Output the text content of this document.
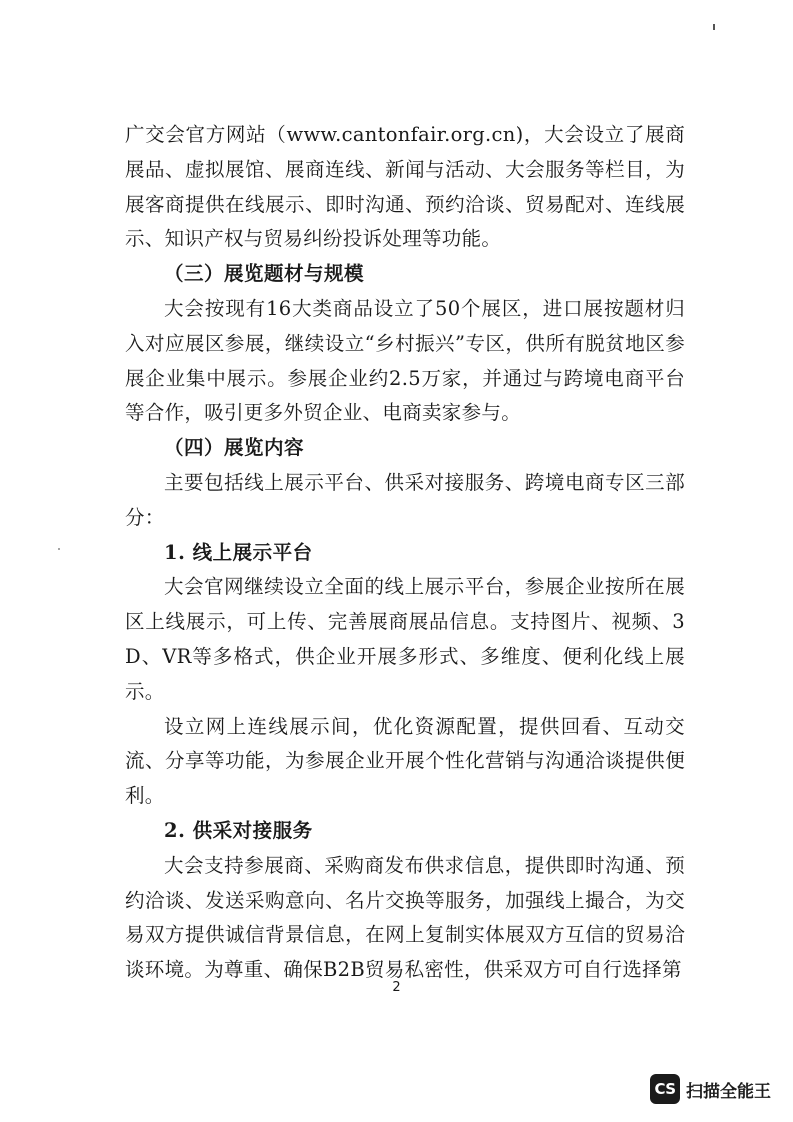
广交会官方网站（www.cantonfair.org.cn)，大会设立了展商展品、虚拟展馆、展商连线、新闻与活动、大会服务等栏目，为展客商提供在线展示、即时沟通、预约洽谈、贸易配对、连线展示、知识产权与贸易纠纷投诉处理等功能。

（三）展览题材与规模

大会按现有16大类商品设立了50个展区，进口展按题材归入对应展区参展，继续设立“乡村振兴”专区，供所有脱贫地区参展企业集中展示。参展企业约2.5万家，并通过与跨境电商平台等合作，吸引更多外贸企业、电商卖家参与。

（四）展览内容

主要包括线上展示平台、供采对接服务、跨境电商专区三部分：

1. 线上展示平台

大会官网继续设立全面的线上展示平台，参展企业按所在展区上线展示，可上传、完善展商展品信息。支持图片、视频、3D、VR等多格式，供企业开展多形式、多维度、便利化线上展示。

设立网上连线展示间，优化资源配置，提供回看、互动交流、分享等功能，为参展企业开展个性化营销与沟通洽谈提供便利。

2. 供采对接服务

大会支持参展商、采购商发布供求信息，提供即时沟通、预约洽谈、发送采购意向、名片交换等服务，加强线上撮合，为交易双方提供诚信背景信息，在网上复制实体展双方互信的贸易洽谈环境。为尊重、确保B2B贸易私密性，供采双方可自行选择第

2
CS 扫描全能王
